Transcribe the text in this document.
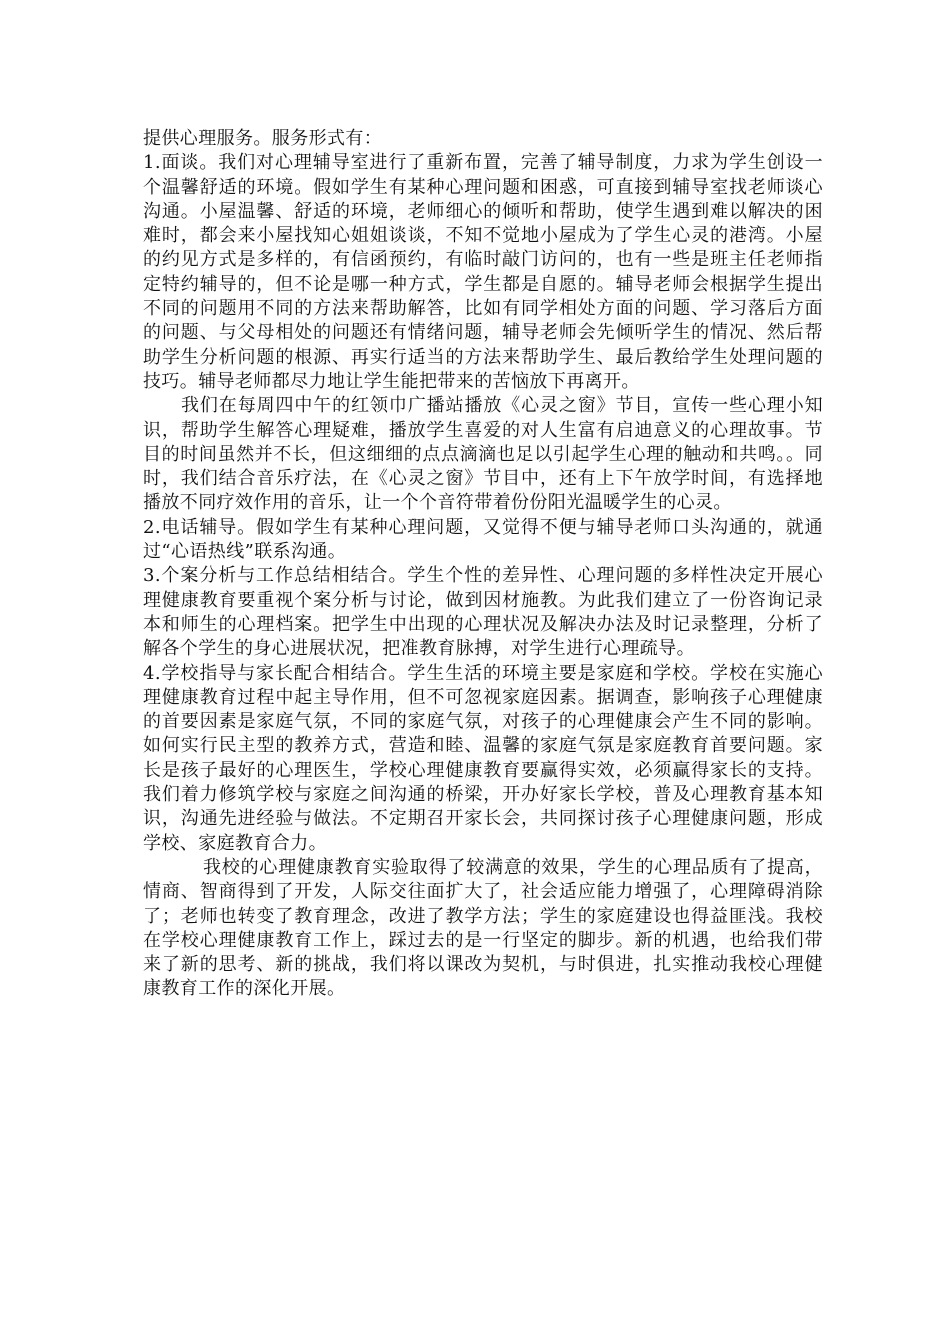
提供心理服务。服务形式有：

1.面谈。我们对心理辅导室进行了重新布置，完善了辅导制度，力求为学生创设一个温馨舒适的环境。假如学生有某种心理问题和困惑，可直接到辅导室找老师谈心沟通。小屋温馨、舒适的环境，老师细心的倾听和帮助，使学生遇到难以解决的困难时，都会来小屋找知心姐姐谈谈，不知不觉地小屋成为了学生心灵的港湾。小屋的约见方式是多样的，有信函预约，有临时敲门访问的，也有一些是班主任老师指定特约辅导的，但不论是哪一种方式，学生都是自愿的。辅导老师会根据学生提出不同的问题用不同的方法来帮助解答，比如有同学相处方面的问题、学习落后方面的问题、与父母相处的问题还有情绪问题，辅导老师会先倾听学生的情况、然后帮助学生分析问题的根源、再实行适当的方法来帮助学生、最后教给学生处理问题的技巧。辅导老师都尽力地让学生能把带来的苦恼放下再离开。

我们在每周四中午的红领巾广播站播放《心灵之窗》节目，宣传一些心理小知识，帮助学生解答心理疑难，播放学生喜爱的对人生富有启迪意义的心理故事。节目的时间虽然并不长，但这细细的点点滴滴也足以引起学生心理的触动和共鸣。。同时，我们结合音乐疗法，在《心灵之窗》节目中，还有上下午放学时间，有选择地播放不同疗效作用的音乐，让一个个音符带着份份阳光温暖学生的心灵。

2.电话辅导。假如学生有某种心理问题，又觉得不便与辅导老师口头沟通的，就通过“心语热线”联系沟通。

3.个案分析与工作总结相结合。学生个性的差异性、心理问题的多样性决定开展心理健康教育要重视个案分析与讨论，做到因材施教。为此我们建立了一份咨询记录本和师生的心理档案。把学生中出现的心理状况及解决办法及时记录整理，分析了解各个学生的身心进展状况，把准教育脉搏，对学生进行心理疏导。

4.学校指导与家长配合相结合。学生生活的环境主要是家庭和学校。学校在实施心理健康教育过程中起主导作用，但不可忽视家庭因素。据调查，影响孩子心理健康的首要因素是家庭气氛，不同的家庭气氛，对孩子的心理健康会产生不同的影响。如何实行民主型的教养方式，营造和睦、温馨的家庭气氛是家庭教育首要问题。家长是孩子最好的心理医生，学校心理健康教育要赢得实效，必须赢得家长的支持。我们着力修筑学校与家庭之间沟通的桥梁，开办好家长学校，普及心理教育基本知识，沟通先进经验与做法。不定期召开家长会，共同探讨孩子心理健康问题，形成学校、家庭教育合力。

我校的心理健康教育实验取得了较满意的效果，学生的心理品质有了提高，情商、智商得到了开发，人际交往面扩大了，社会适应能力增强了，心理障碍消除了；老师也转变了教育理念，改进了教学方法；学生的家庭建设也得益匪浅。我校在学校心理健康教育工作上，踩过去的是一行坚定的脚步。新的机遇，也给我们带来了新的思考、新的挑战，我们将以课改为契机，与时俱进，扎实推动我校心理健康教育工作的深化开展。
